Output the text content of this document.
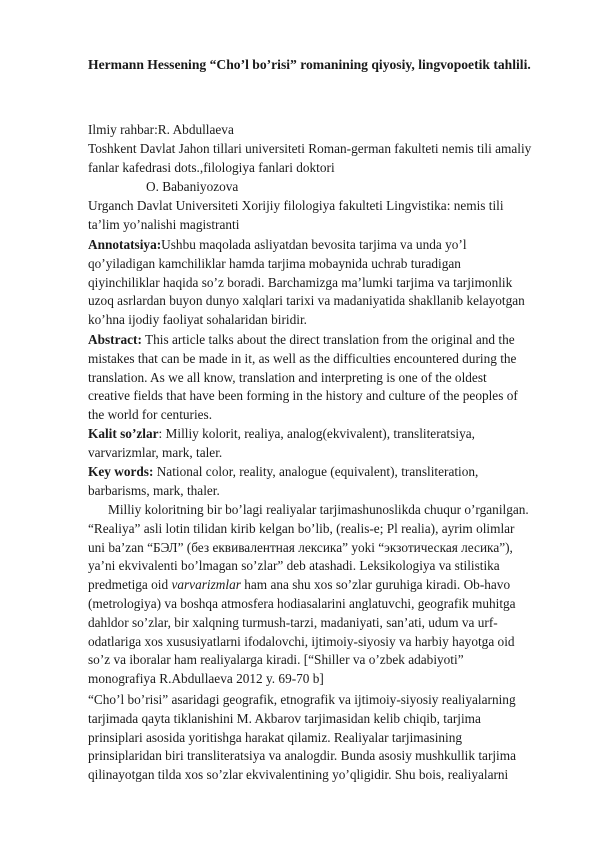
Hermann Hessening “Cho’l bo’risi” romanining qiyosiy, lingvopoetik tahlili.
Ilmiy rahbar:R. Abdullaeva
Toshkent Davlat Jahon tillari universiteti Roman-german fakulteti nemis tili amaliy
fanlar kafedrasi dots.,filologiya fanlari doktori
O. Babaniyozova
Urganch Davlat Universiteti Xorijiy filologiya fakulteti Lingvistika: nemis tili
ta’lim yo’nalishi magistranti
Annotatsiya:Ushbu maqolada asliyatdan bevosita tarjima va unda yo’l
qo’yiladigan kamchiliklar hamda tarjima mobaynida uchrab turadigan
qiyinchiliklar haqida so’z boradi. Barchamizga ma’lumki tarjima va tarjimonlik
uzoq asrlardan buyon dunyo xalqlari tarixi va madaniyatida shakllanib kelayotgan
ko’hna ijodiy faoliyat sohalaridan biridir.
Abstract: This article talks about the direct translation from the original and the
mistakes that can be made in it, as well as the difficulties encountered during the
translation. As we all know, translation and interpreting is one of the oldest
creative fields that have been forming in the history and culture of the peoples of
the world for centuries.
Kalit so’zlar: Milliy kolorit, realiya, analog(ekvivalent), transliteratsiya,
varvarizmlar, mark, taler.
Key words: National color, reality, analogue (equivalent), transliteration,
barbarisms, mark, thaler.
Milliy koloritning bir bo’lagi realiyalar tarjimashunoslikda chuqur o’rganilgan.
“Realiya” asli lotin tilidan kirib kelgan bo’lib, (realis-e; Pl realia), ayrim olimlar
uni ba’zan “БЭЛ” (без еквивалентная лексика” yoki “экзотическая лесика”),
ya’ni ekvivalenti bo’lmagan so’zlar” deb atashadi. Leksikologiya va stilistika
predmetiga oid varvarizmlar ham ana shu xos so’zlar guruhiga kiradi. Ob-havo
(metrologiya) va boshqa atmosfera hodiasalarini anglatuvchi, geografik muhitga
dahldor so’zlar, bir xalqning turmush-tarzi, madaniyati, san’ati, udum va urf-
odatlariga xos xususiyatlarni ifodalovchi, ijtimoiy-siyosiy va harbiy hayotga oid
so’z va iboralar ham realiyalarga kiradi. [“Shiller va o’zbek adabiyoti”
monografiya R.Abdullaeva 2012 y. 69-70 b]
“Cho’l bo’risi” asaridagi geografik, etnografik va ijtimoiy-siyosiy realiyalarning
tarjimada qayta tiklanishini M. Akbarov tarjimasidan kelib chiqib, tarjima
prinsiplari asosida yoritishga harakat qilamiz. Realiyalar tarjimasining
prinsiplaridan biri transliteratsiya va analogdir. Bunda asosiy mushkullik tarjima
qilinayotgan tilda xos so’zlar ekvivalentining yo’qligidir. Shu bois, realiyalarni
